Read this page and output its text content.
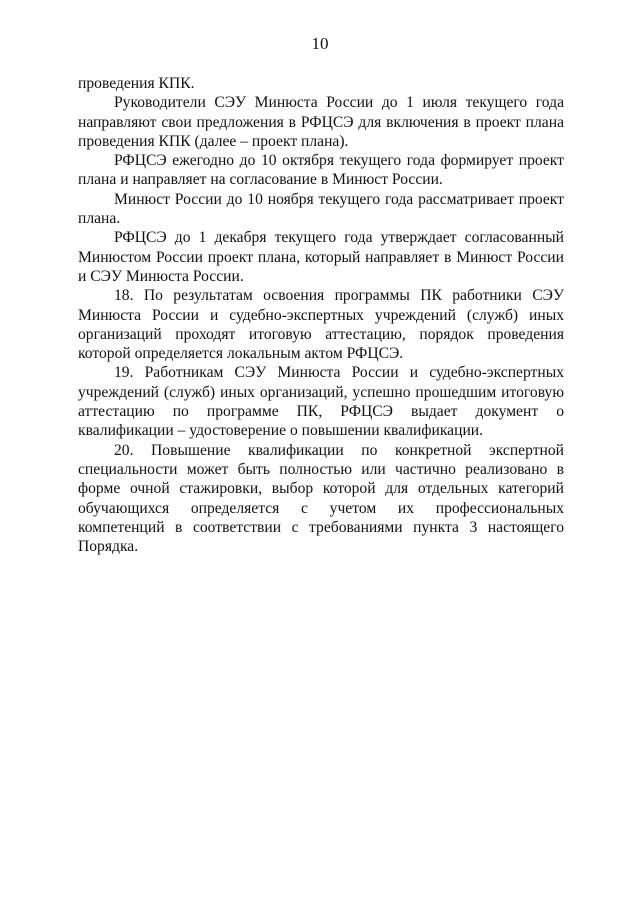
10

проведения КПК.

Руководители СЭУ Минюста России до 1 июля текущего года направляют свои предложения в РФЦСЭ для включения в проект плана проведения КПК (далее – проект плана).

РФЦСЭ ежегодно до 10 октября текущего года формирует проект плана и направляет на согласование в Минюст России.

Минюст России до 10 ноября текущего года рассматривает проект плана.

РФЦСЭ до 1 декабря текущего года утверждает согласованный Минюстом России проект плана, который направляет в Минюст России и СЭУ Минюста России.

18. По результатам освоения программы ПК работники СЭУ Минюста России и судебно-экспертных учреждений (служб) иных организаций проходят итоговую аттестацию, порядок проведения которой определяется локальным актом РФЦСЭ.

19. Работникам СЭУ Минюста России и судебно-экспертных учреждений (служб) иных организаций, успешно прошедшим итоговую аттестацию по программе ПК, РФЦСЭ выдает документ о квалификации – удостоверение о повышении квалификации.

20. Повышение квалификации по конкретной экспертной специальности может быть полностью или частично реализовано в форме очной стажировки, выбор которой для отдельных категорий обучающихся определяется с учетом их профессиональных компетенций в соответствии с требованиями пункта 3 настоящего Порядка.
